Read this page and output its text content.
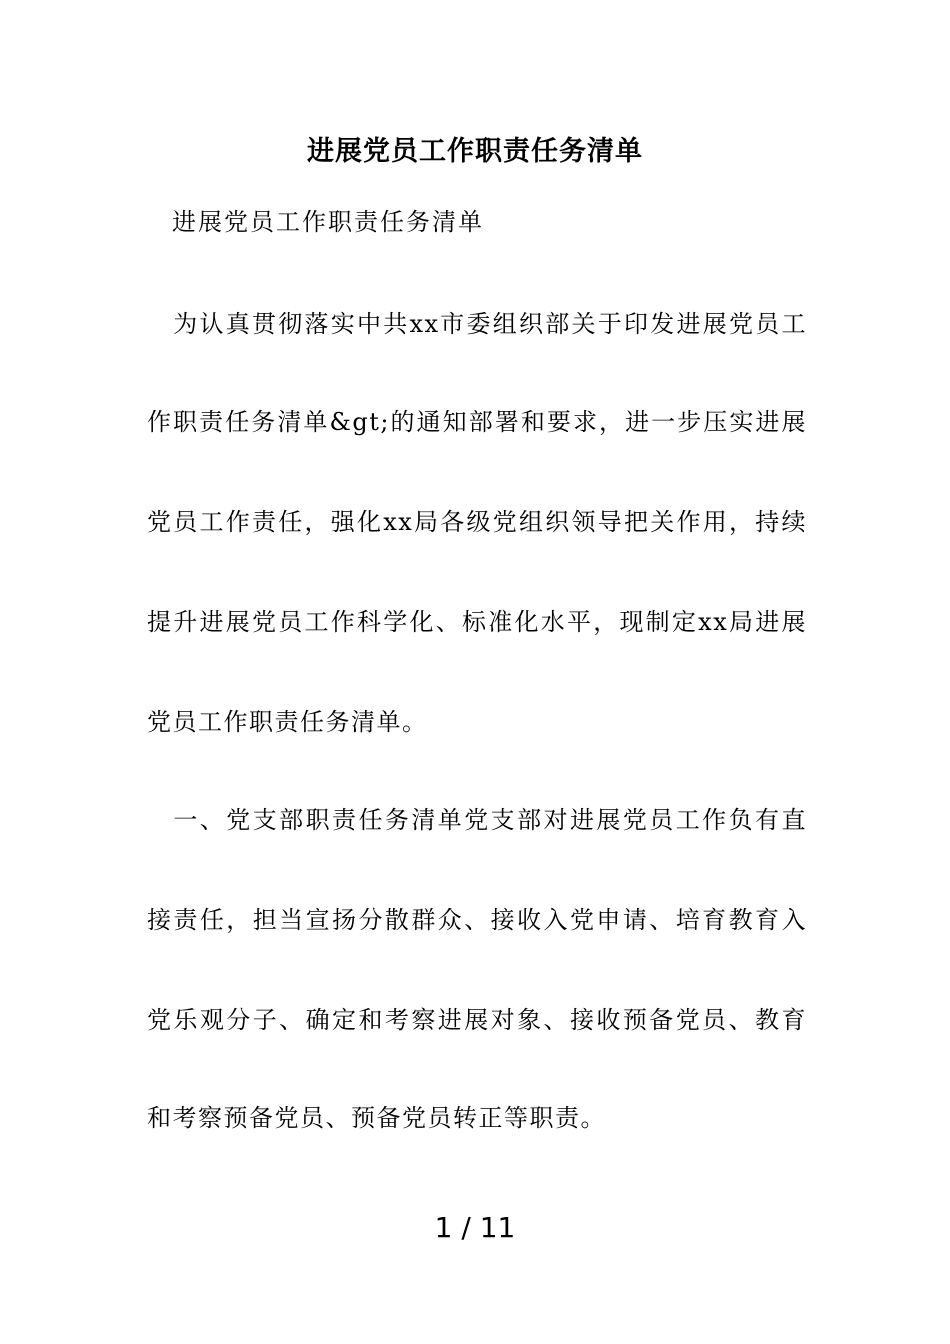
进展党员工作职责任务清单
进展党员工作职责任务清单
　为认真贯彻落实中共xx市委组织部关于印发进展党员工
作职责任务清单&gt;的通知部署和要求，进一步压实进展
党员工作责任，强化xx局各级党组织领导把关作用，持续
提升进展党员工作科学化、标准化水平，现制定xx局进展
党员工作职责任务清单。
　一、党支部职责任务清单党支部对进展党员工作负有直
接责任，担当宣扬分散群众、接收入党申请、培育教育入
党乐观分子、确定和考察进展对象、接收预备党员、教育
和考察预备党员、预备党员转正等职责。
1 / 11
